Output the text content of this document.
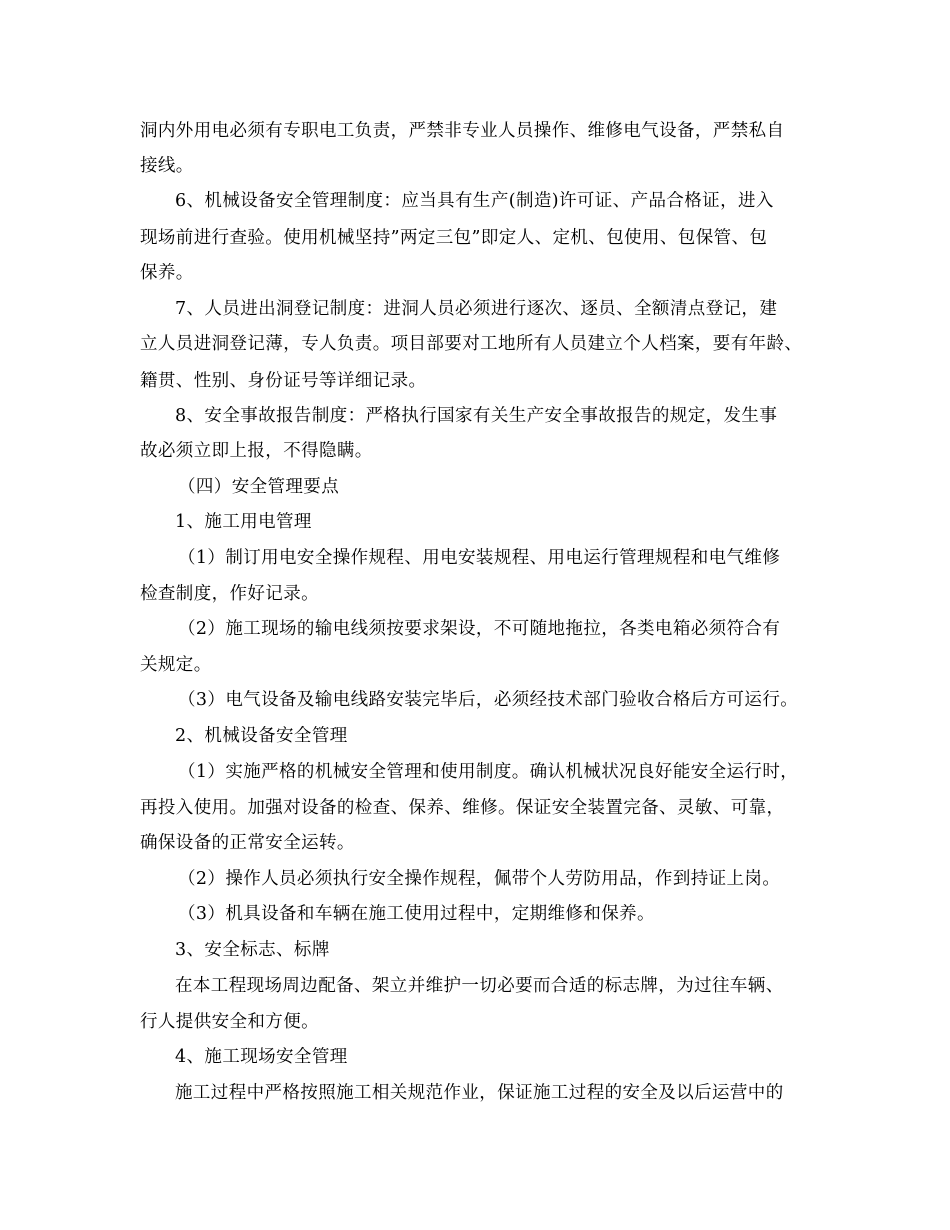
洞内外用电必须有专职电工负责，严禁非专业人员操作、维修电气设备，严禁私自
接线。
6、机械设备安全管理制度：应当具有生产(制造)许可证、产品合格证，进入
现场前进行查验。使用机械坚持”两定三包”即定人、定机、包使用、包保管、包
保养。
7、人员进出洞登记制度：进洞人员必须进行逐次、逐员、全额清点登记，建
立人员进洞登记薄，专人负责。项目部要对工地所有人员建立个人档案，要有年龄、
籍贯、性别、身份证号等详细记录。
8、安全事故报告制度：严格执行国家有关生产安全事故报告的规定，发生事
故必须立即上报，不得隐瞒。
（四）安全管理要点
1、施工用电管理
（1）制订用电安全操作规程、用电安装规程、用电运行管理规程和电气维修
检查制度，作好记录。
（2）施工现场的输电线须按要求架设，不可随地拖拉，各类电箱必须符合有
关规定。
（3）电气设备及输电线路安装完毕后，必须经技术部门验收合格后方可运行。
2、机械设备安全管理
（1）实施严格的机械安全管理和使用制度。确认机械状况良好能安全运行时，
再投入使用。加强对设备的检查、保养、维修。保证安全装置完备、灵敏、可靠，
确保设备的正常安全运转。
（2）操作人员必须执行安全操作规程，佩带个人劳防用品，作到持证上岗。
（3）机具设备和车辆在施工使用过程中，定期维修和保养。
3、安全标志、标牌
在本工程现场周边配备、架立并维护一切必要而合适的标志牌，为过往车辆、
行人提供安全和方便。
4、施工现场安全管理
施工过程中严格按照施工相关规范作业，保证施工过程的安全及以后运营中的
